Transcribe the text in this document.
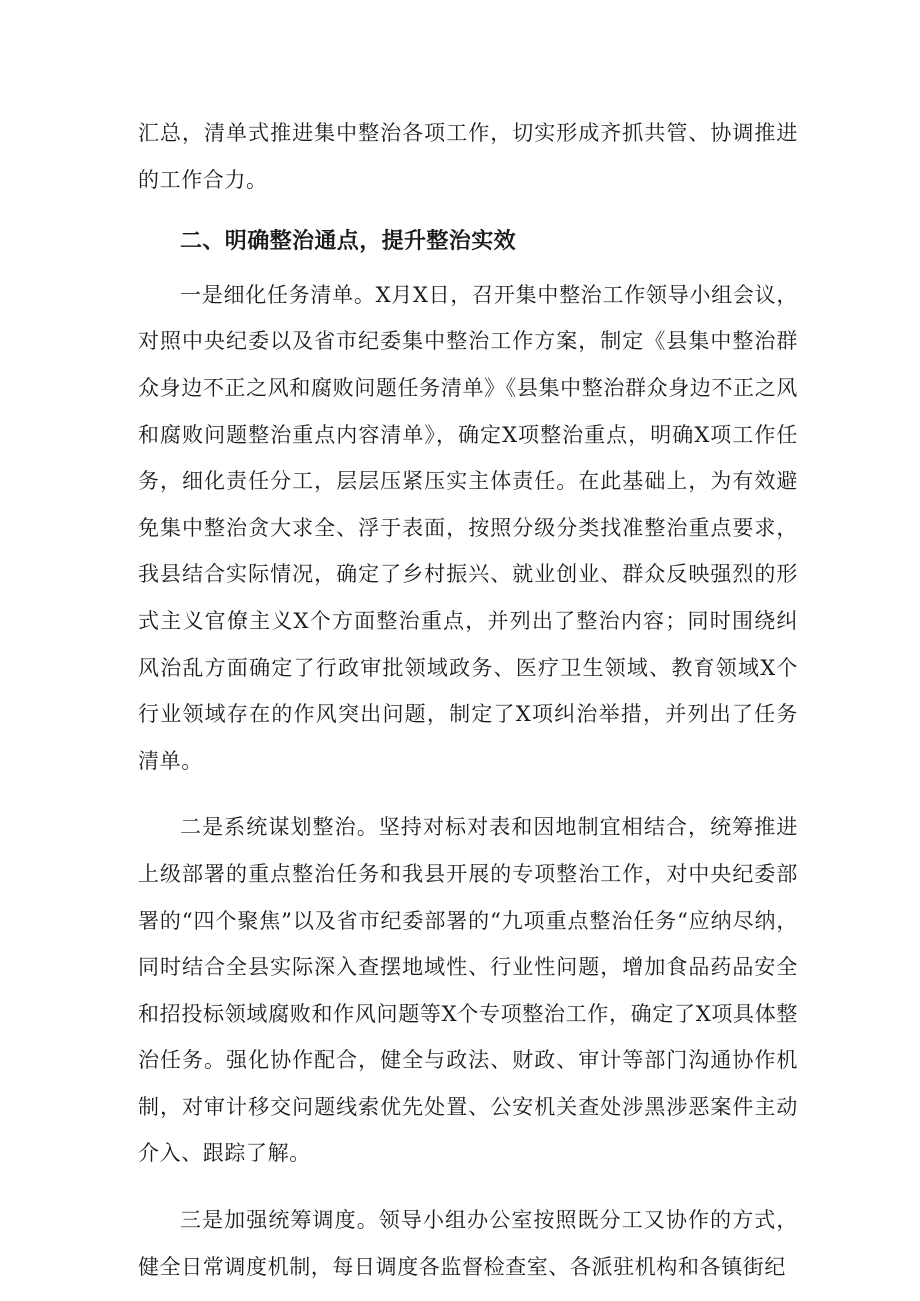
汇总，清单式推进集中整治各项工作，切实形成齐抓共管、协调推进的工作合力。

二、明确整治通点，提升整治实效

一是细化任务清单。X月X日，召开集中整治工作领导小组会议，对照中央纪委以及省市纪委集中整治工作方案，制定《县集中整治群众身边不正之风和腐败问题任务清单》《县集中整治群众身边不正之风和腐败问题整治重点内容清单》，确定X项整治重点，明确X项工作任务，细化责任分工，层层压紧压实主体责任。在此基础上，为有效避免集中整治贪大求全、浮于表面，按照分级分类找准整治重点要求，我县结合实际情况，确定了乡村振兴、就业创业、群众反映强烈的形式主义官僚主义X个方面整治重点，并列出了整治内容；同时围绕纠风治乱方面确定了行政审批领域政务、医疗卫生领域、教育领域X个行业领域存在的作风突出问题，制定了X项纠治举措，并列出了任务清单。

二是系统谋划整治。坚持对标对表和因地制宜相结合，统筹推进上级部署的重点整治任务和我县开展的专项整治工作，对中央纪委部署的“四个聚焦”以及省市纪委部署的“九项重点整治任务“应纳尽纳，同时结合全县实际深入查摆地域性、行业性问题，增加食品药品安全和招投标领域腐败和作风问题等X个专项整治工作，确定了X项具体整治任务。强化协作配合，健全与政法、财政、审计等部门沟通协作机制，对审计移交问题线索优先处置、公安机关查处涉黑涉恶案件主动介入、跟踪了解。

三是加强统筹调度。领导小组办公室按照既分工又协作的方式，健全日常调度机制，每日调度各监督检查室、各派驻机构和各镇街纪
